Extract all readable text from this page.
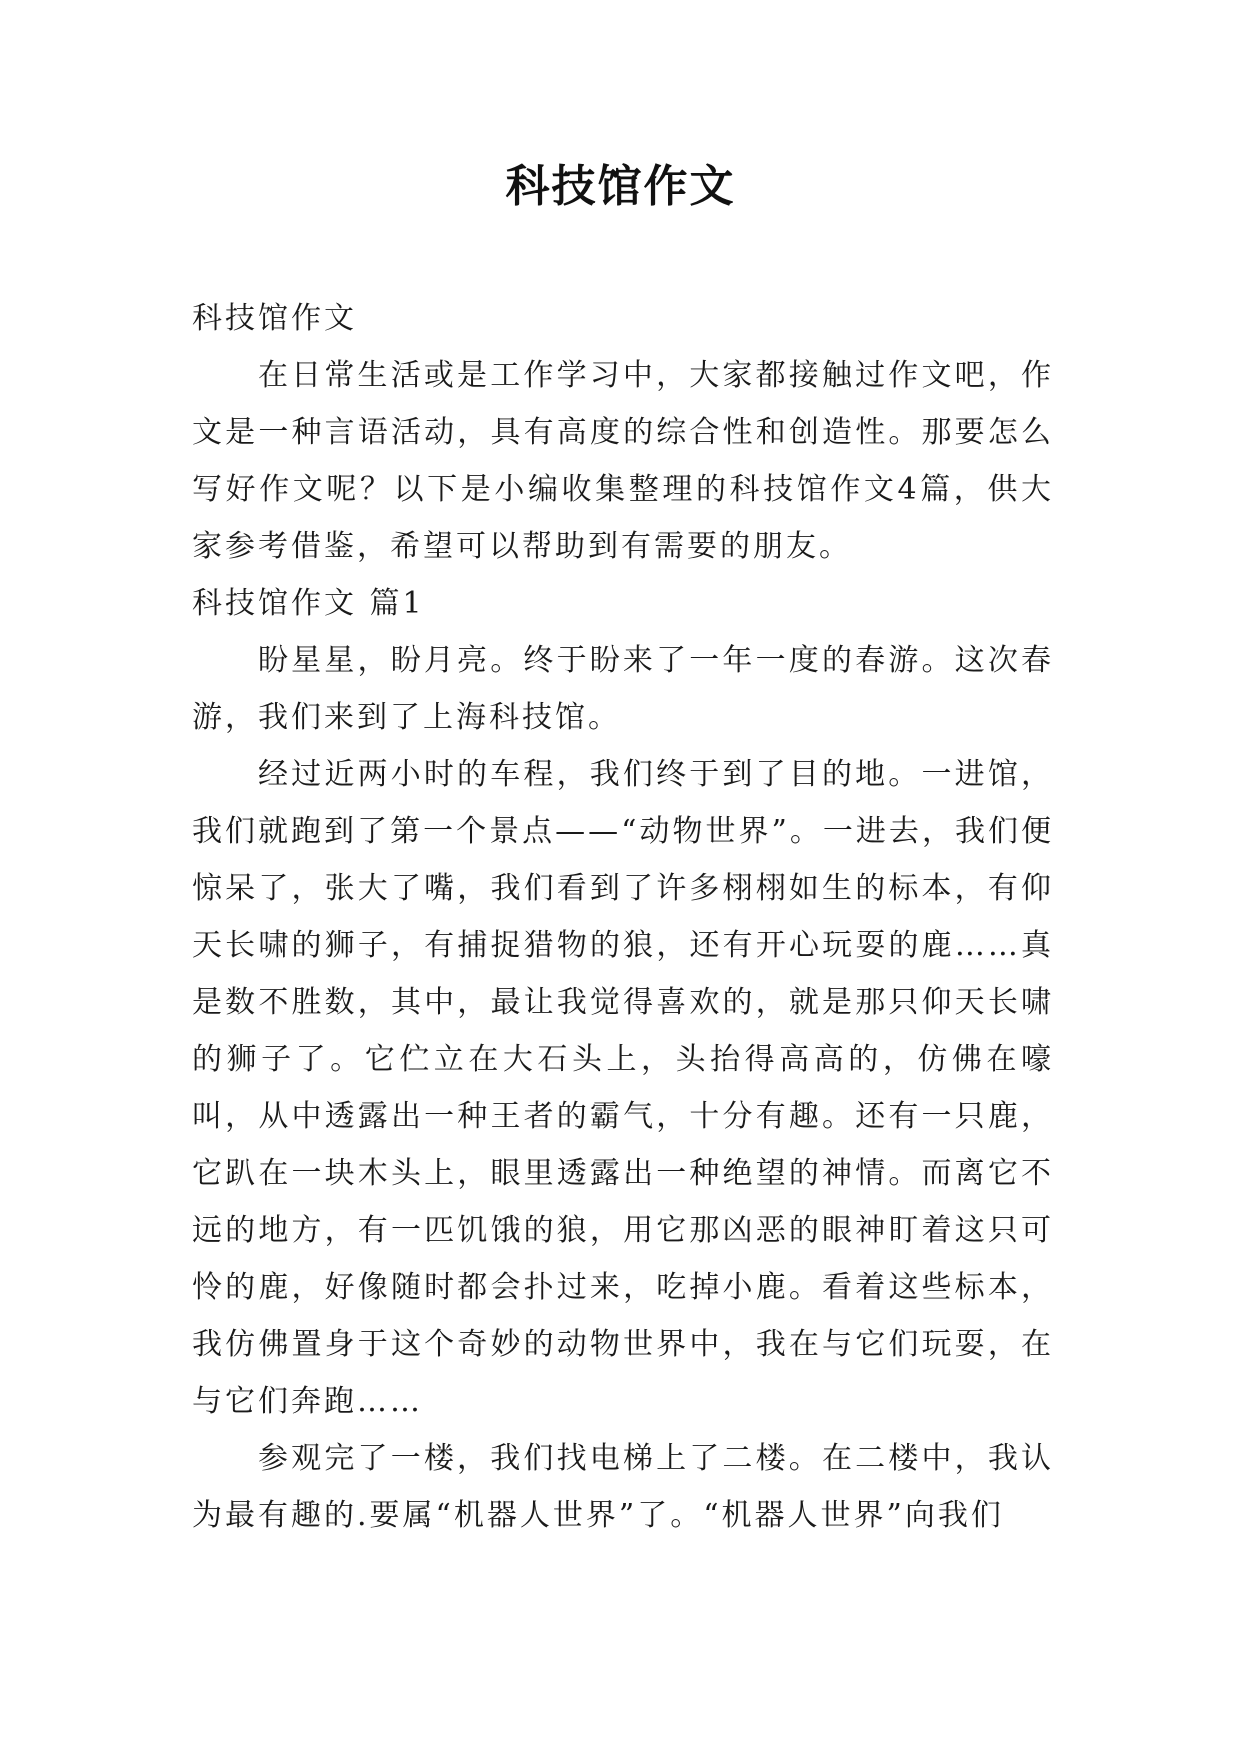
科技馆作文

科技馆作文

在日常生活或是工作学习中，大家都接触过作文吧，作文是一种言语活动，具有高度的综合性和创造性。那要怎么写好作文呢？以下是小编收集整理的科技馆作文4篇，供大家参考借鉴，希望可以帮助到有需要的朋友。

科技馆作文 篇1

盼星星，盼月亮。终于盼来了一年一度的春游。这次春游，我们来到了上海科技馆。

经过近两小时的车程，我们终于到了目的地。一进馆，我们就跑到了第一个景点——“动物世界”。一进去，我们便惊呆了，张大了嘴，我们看到了许多栩栩如生的标本，有仰天长啸的狮子，有捕捉猎物的狼，还有开心玩耍的鹿……真是数不胜数，其中，最让我觉得喜欢的，就是那只仰天长啸的狮子了。它伫立在大石头上，头抬得高高的，仿佛在嚎叫，从中透露出一种王者的霸气，十分有趣。还有一只鹿，它趴在一块木头上，眼里透露出一种绝望的神情。而离它不远的地方，有一匹饥饿的狼，用它那凶恶的眼神盯着这只可怜的鹿，好像随时都会扑过来，吃掉小鹿。看着这些标本，我仿佛置身于这个奇妙的动物世界中，我在与它们玩耍，在与它们奔跑……

参观完了一楼，我们找电梯上了二楼。在二楼中，我认为最有趣的.要属“机器人世界”了。“机器人世界”向我们
